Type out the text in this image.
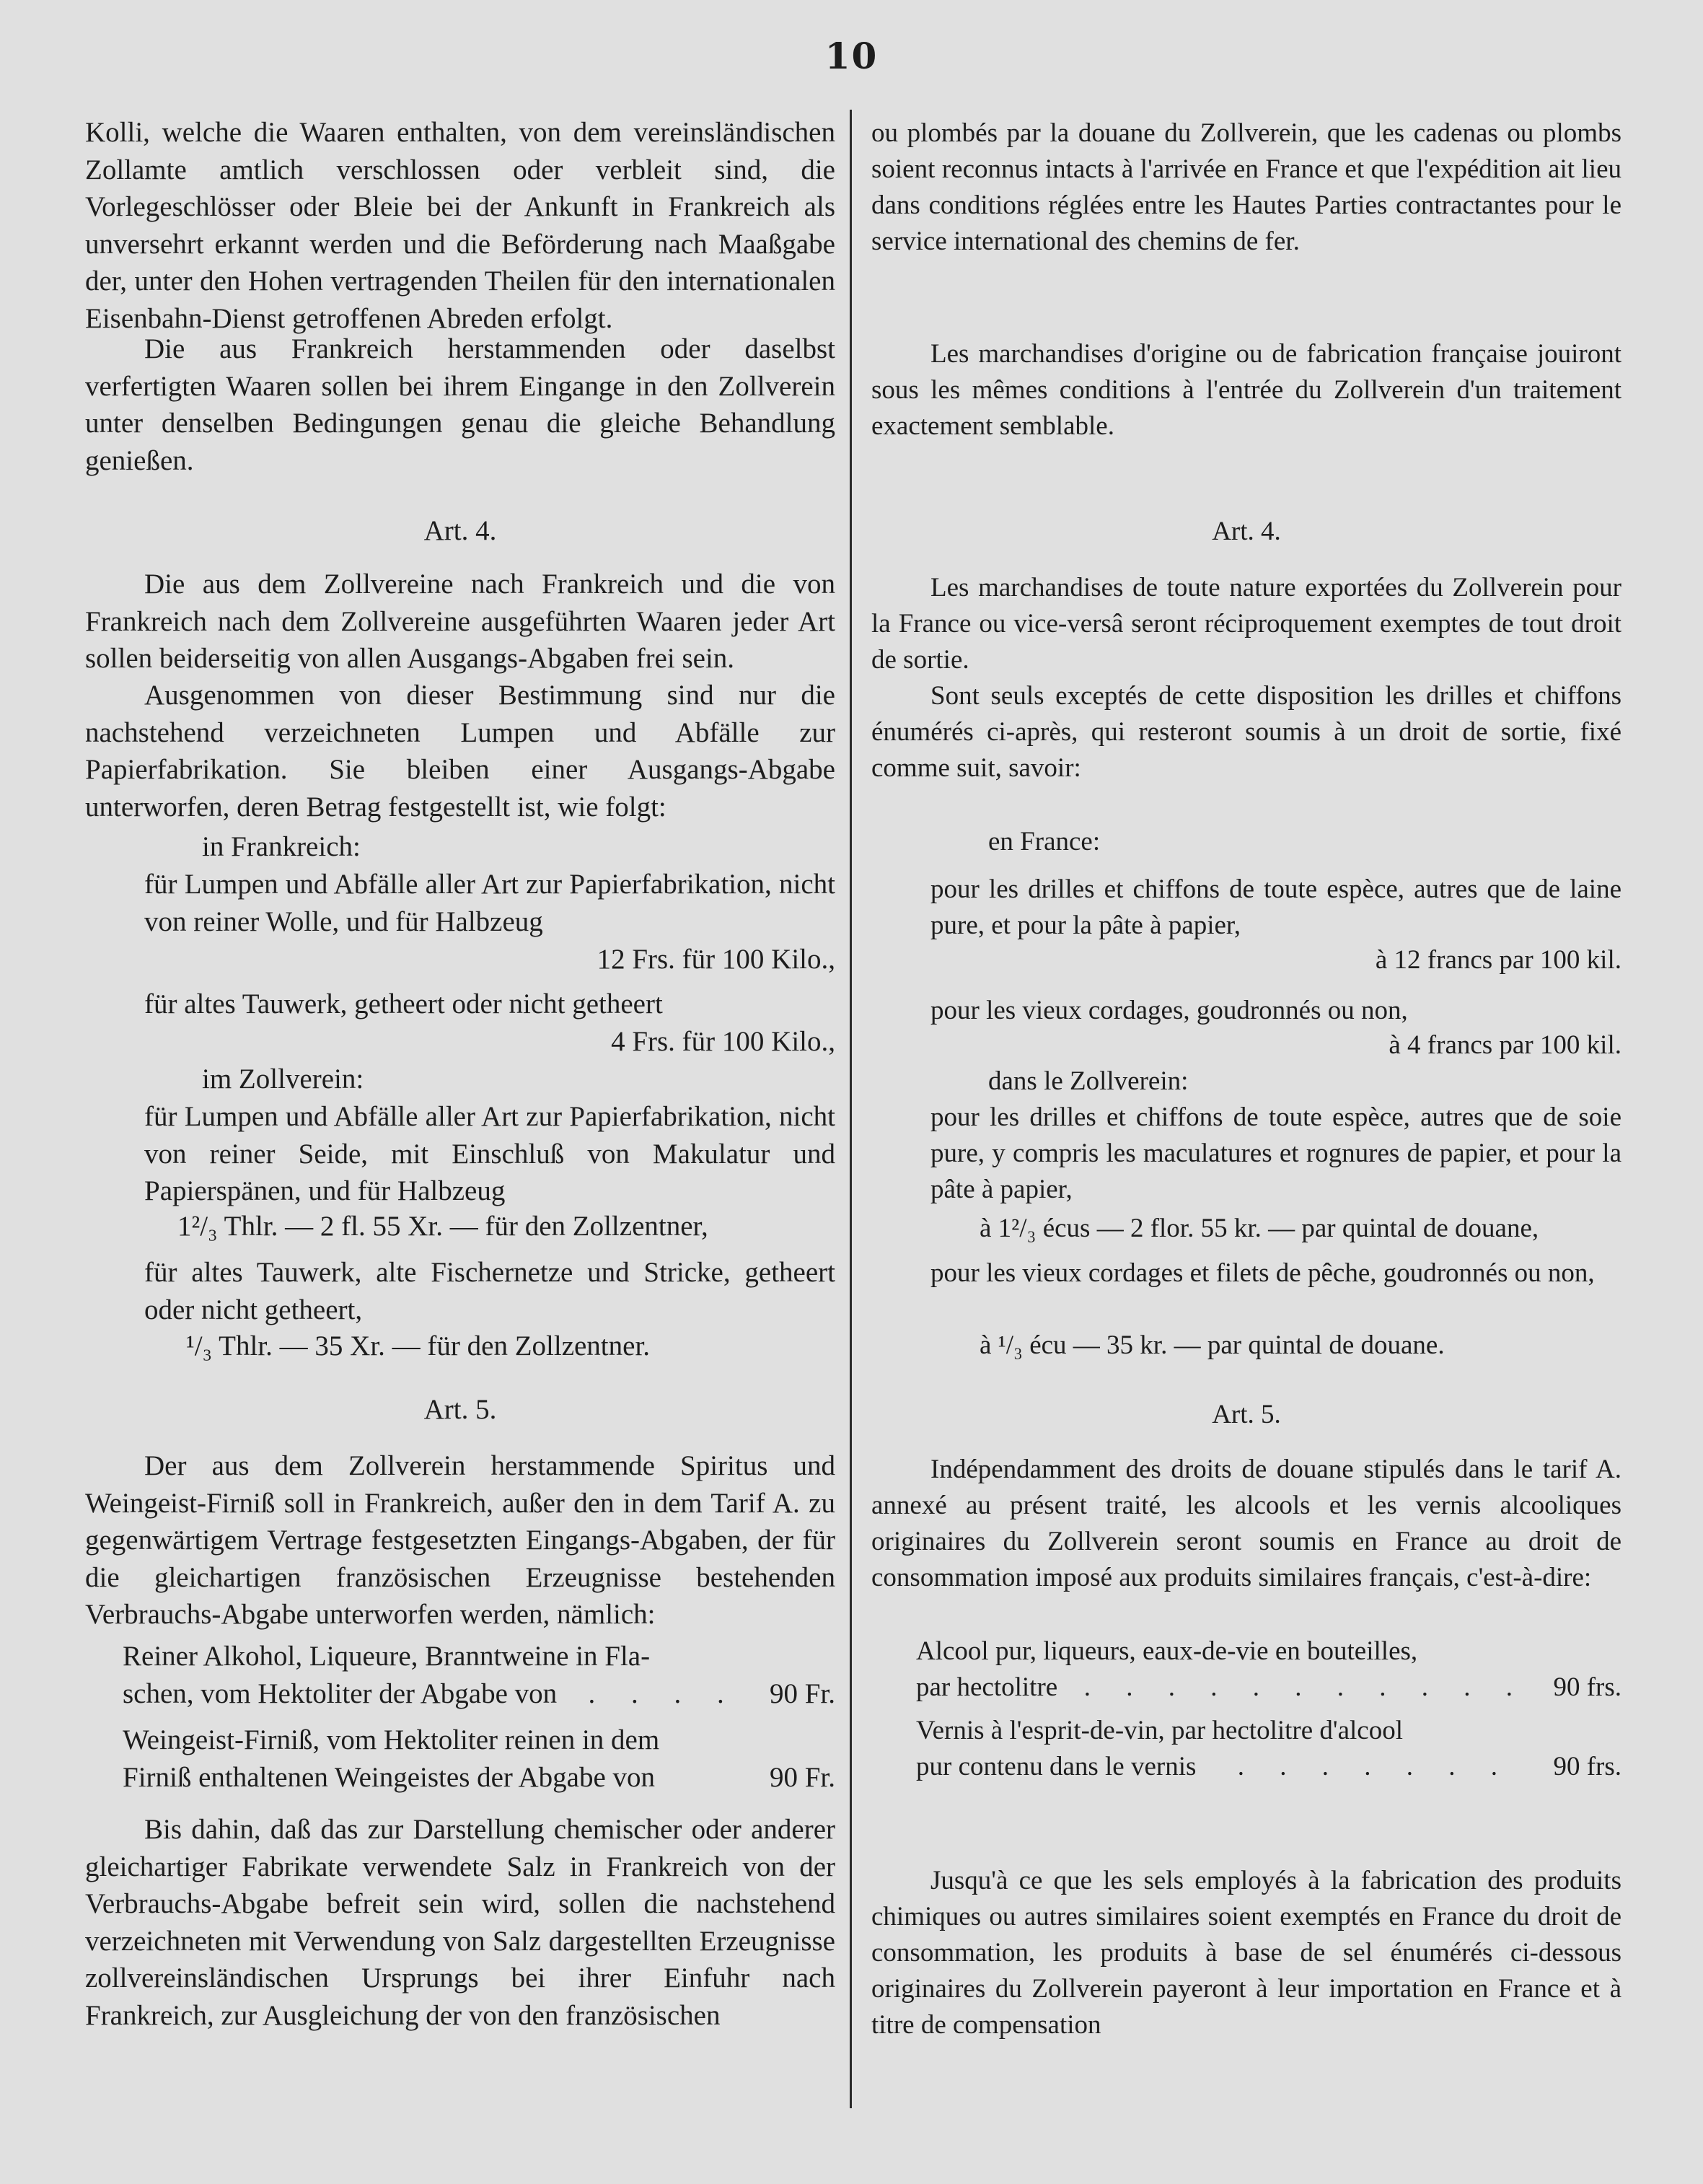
10
Kolli, welche die Waaren enthalten, von dem vereinsländischen Zollamte amtlich verschlossen oder verbleit sind, die Vorlegeschlösser oder Bleie bei der Ankunft in Frankreich als unversehrt erkannt werden und die Beförderung nach Maaßgabe der, unter den Hohen vertragenden Theilen für den internationalen Eisenbahn-Dienst getroffenen Abreden erfolgt.
Die aus Frankreich herstammenden oder daselbst verfertigten Waaren sollen bei ihrem Eingange in den Zollverein unter denselben Bedingungen genau die gleiche Behandlung genießen.
Art. 4.
Die aus dem Zollvereine nach Frankreich und die von Frankreich nach dem Zollvereine ausgeführten Waaren jeder Art sollen beiderseitig von allen Ausgangs-Abgaben frei sein.
Ausgenommen von dieser Bestimmung sind nur die nachstehend verzeichneten Lumpen und Abfälle zur Papierfabrikation. Sie bleiben einer Ausgangs-Abgabe unterworfen, deren Betrag festgestellt ist, wie folgt:
in Frankreich:
für Lumpen und Abfälle aller Art zur Papierfabrikation, nicht von reiner Wolle, und für Halbzeug
12 Frs. für 100 Kilo.,
für altes Tauwerk, getheert oder nicht getheert
4 Frs. für 100 Kilo.,
im Zollverein:
für Lumpen und Abfälle aller Art zur Papierfabrikation, nicht von reiner Seide, mit Einschluß von Makulatur und Papierspänen, und für Halbzeug
1²/₃ Thlr. — 2 fl. 55 Xr. — für den Zollzentner,
für altes Tauwerk, alte Fischernetze und Stricke, getheert oder nicht getheert,
¹/₃ Thlr. — 35 Xr. — für den Zollzentner.
Art. 5.
Der aus dem Zollverein herstammende Spiritus und Weingeist-Firniß soll in Frankreich, außer den in dem Tarif A. zu gegenwärtigem Vertrage festgesetzten Eingangs-Abgaben, der für die gleichartigen französischen Erzeugnisse bestehenden Verbrauchs-Abgabe unterworfen werden, nämlich:
Reiner Alkohol, Liqueure, Branntweine in Fla-
schen, vom Hektoliter der Abgabe von . . . . 90 Fr.
Weingeist-Firniß, vom Hektoliter reinen in dem
Firniß enthaltenen Weingeistes der Abgabe von	90 Fr.
Bis dahin, daß das zur Darstellung chemischer oder anderer gleichartiger Fabrikate verwendete Salz in Frankreich von der Verbrauchs-Abgabe befreit sein wird, sollen die nachstehend verzeichneten mit Verwendung von Salz dargestellten Erzeugnisse zollvereinsländischen Ursprungs bei ihrer Einfuhr nach Frankreich, zur Ausgleichung der von den französischen
ou plombés par la douane du Zollverein, que les cadenas ou plombs soient reconnus intacts à l'arrivée en France et que l'expédition ait lieu dans conditions réglées entre les Hautes Parties contractantes pour le service international des chemins de fer.
Les marchandises d'origine ou de fabrication française jouiront sous les mêmes conditions à l'entrée du Zollverein d'un traitement exactement semblable.
Art. 4.
Les marchandises de toute nature exportées du Zollverein pour la France ou vice-versâ seront réciproquement exemptes de tout droit de sortie.
Sont seuls exceptés de cette disposition les drilles et chiffons énumérés ci-après, qui resteront soumis à un droit de sortie, fixé comme suit, savoir:
en France:
pour les drilles et chiffons de toute espèce, autres que de laine pure, et pour la pâte à papier,
à 12 francs par 100 kil.
pour les vieux cordages, goudronnés ou non,
à 4 francs par 100 kil.
dans le Zollverein:
pour les drilles et chiffons de toute espèce, autres que de soie pure, y compris les maculatures et rognures de papier, et pour la pâte à papier,
à 1²/₃ écus — 2 flor. 55 kr. — par quintal de douane,
pour les vieux cordages et filets de pêche, goudronnés ou non,
à ¹/₃ écu — 35 kr. — par quintal de douane.
Art. 5.
Indépendamment des droits de douane stipulés dans le tarif A. annexé au présent traité, les alcools et les vernis alcooliques originaires du Zollverein seront soumis en France au droit de consommation imposé aux produits similaires français, c'est-à-dire:
Alcool pur, liqueurs, eaux-de-vie en bouteilles,
par hectolitre . . . . . . . . . . . 90 frs.
Vernis à l'esprit-de-vin, par hectolitre d'alcool
pur contenu dans le vernis . . . . . . . 90 frs.
Jusqu'à ce que les sels employés à la fabrication des produits chimiques ou autres similaires soient exemptés en France du droit de consommation, les produits à base de sel énumérés ci-dessous originaires du Zollverein payeront à leur importation en France et à titre de compensation
